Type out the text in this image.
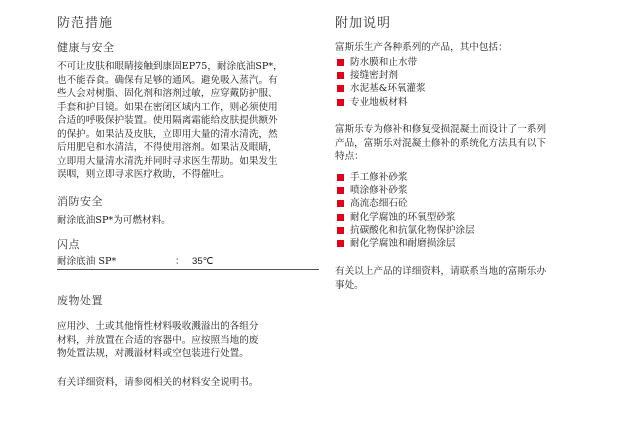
防范措施
健康与安全
不可让皮肤和眼睛接触到康固EP75，耐涂底油SP*，
也不能吞食。确保有足够的通风。避免吸入蒸汽。有
些人会对树脂、固化剂和溶剂过敏，应穿戴防护服、
手套和护目镜。如果在密闭区域内工作，则必须使用
合适的呼吸保护装置。使用隔离霜能给皮肤提供额外
的保护。如果沾及皮肤，立即用大量的清水清洗，然
后用肥皂和水清洁，不得使用溶剂。如果沾及眼睛，
立即用大量清水清洗并同时寻求医生帮助。如果发生
误咽，则立即寻求医疗救助，不得催吐。
消防安全
耐涂底油SP*为可燃材料。
闪点
耐涂底油 SP*	： 35℃
废物处置
应用沙、土或其他惰性材料吸收溅溢出的各组分
材料，并放置在合适的容器中。应按照当地的废
物处置法规，对溅溢材料或空包装进行处置。
有关详细资料，请参阅相关的材料安全说明书。
附加说明
富斯乐生产各种系列的产品，其中包括：
防水膜和止水带
接缝密封剂
水泥基&环氧灌浆
专业地板材料
富斯乐专为修补和修复受损混凝土而设计了一系列
产品，富斯乐对混凝土修补的系统化方法具有以下
特点：
手工修补砂浆
喷涂修补砂浆
高流态细石砼
耐化学腐蚀的环氧型砂浆
抗碳酸化和抗氯化物保护涂层
耐化学腐蚀和耐磨损涂层
有关以上产品的详细资料，请联系当地的富斯乐办
事处。
